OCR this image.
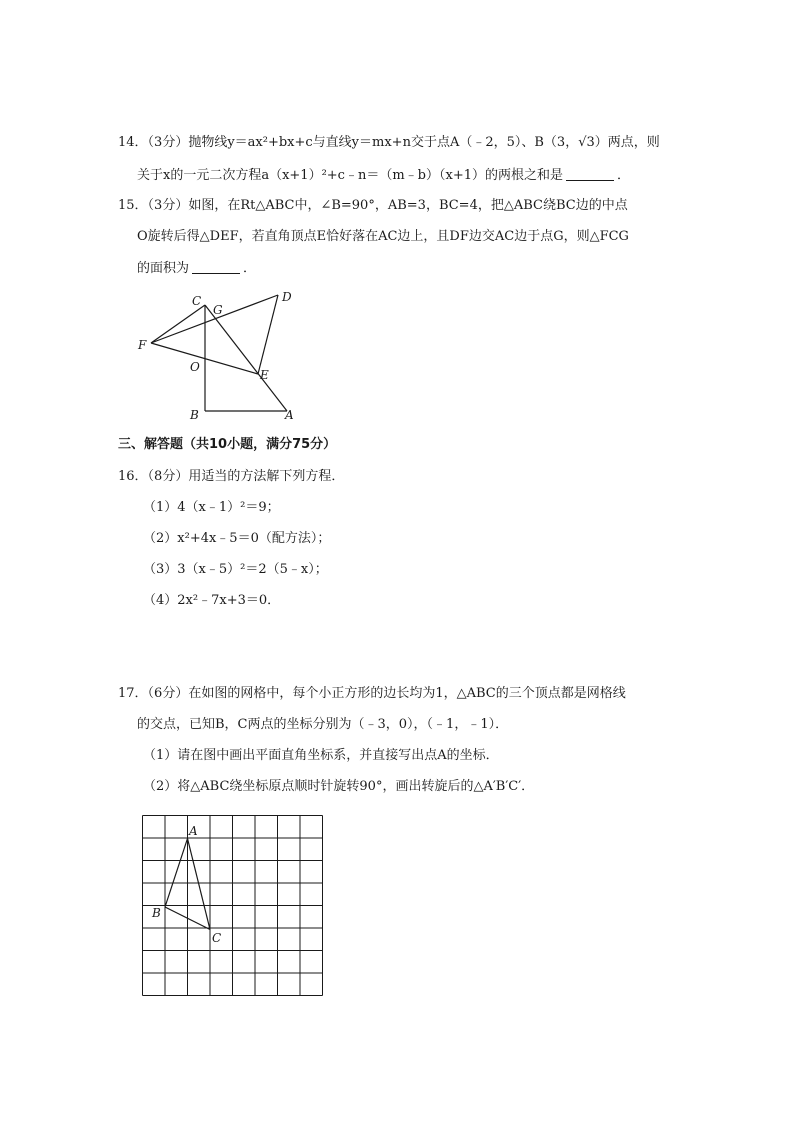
14．（3分）抛物线y＝ax²+bx+c与直线y＝mx+n交于点A（﹣2，5）、B（3，√3）两点，则
关于x的一元二次方程a（x+1）²+c﹣n＝（m﹣b）（x+1）的两根之和是	．
15．（3分）如图，在Rt△ABC中，∠B=90°，AB=3，BC=4，把△ABC绕BC边的中点
O旋转后得△DEF，若直角顶点E恰好落在AC边上，且DF边交AC边于点G，则△FCG
的面积为	．
C
G
D
F
O
E
B	A
三、解答题（共10小题，满分75分）
16．（8分）用适当的方法解下列方程．
（1）4（x﹣1）²＝9；
（2）x²+4x﹣5＝0（配方法）；
（3）3（x﹣5）²＝2（5﹣x）；
（4）2x²﹣7x+3＝0．
17．（6分）在如图的网格中，每个小正方形的边长均为1，△ABC的三个顶点都是网格线
的交点，已知B，C两点的坐标分别为（﹣3，0），（﹣1，﹣1）．
（1）请在图中画出平面直角坐标系，并直接写出点A的坐标．
（2）将△ABC绕坐标原点顺时针旋转90°，画出转旋后的△A′B′C′．
A
B
C
